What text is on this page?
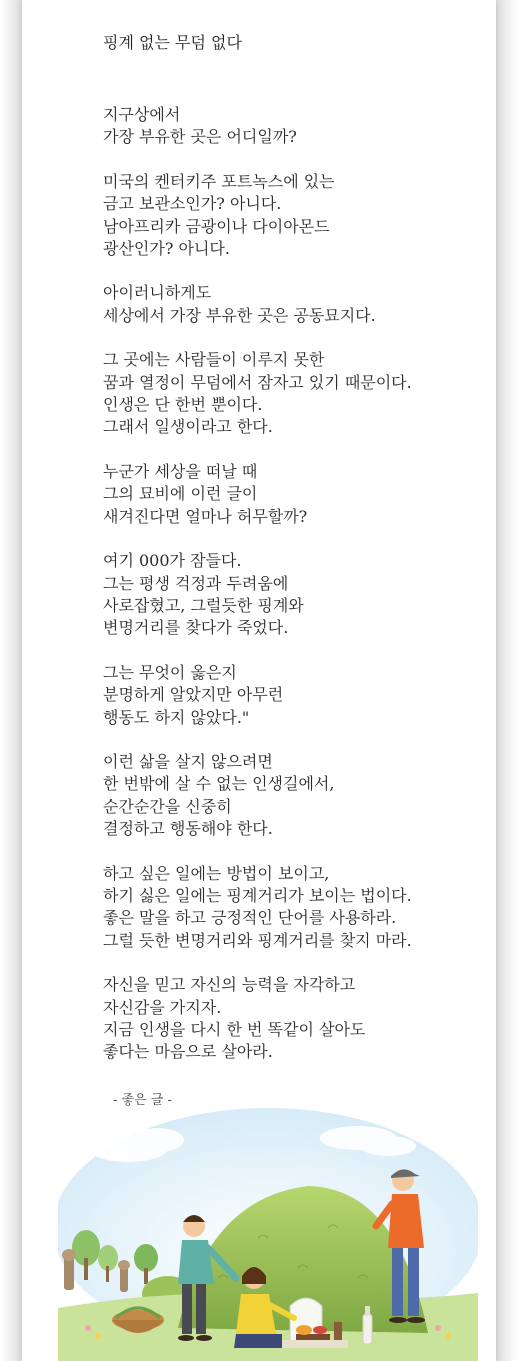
핑계 없는 무덤 없다
지구상에서
가장 부유한 곳은 어디일까?
미국의 켄터키주 포트녹스에 있는
금고 보관소인가? 아니다.
남아프리카 금광이나 다이아몬드
광산인가? 아니다.
아이러니하게도
세상에서 가장 부유한 곳은 공동묘지다.
그 곳에는 사람들이 이루지 못한
꿈과 열정이 무덤에서 잠자고 있기 때문이다.
인생은 단 한번 뿐이다.
그래서 일생이라고 한다.
누군가 세상을 떠날 때
그의 묘비에 이런 글이
새겨진다면 얼마나 허무할까?
여기 000가 잠들다.
그는 평생 걱정과 두려움에
사로잡혔고, 그럴듯한 핑계와
변명거리를 찾다가 죽었다.
그는 무엇이 옳은지
분명하게 알았지만 아무런
행동도 하지 않았다."
이런 삶을 살지 않으려면
한 번밖에 살 수 없는 인생길에서,
순간순간을 신중히
결정하고 행동해야 한다.
하고 싶은 일에는 방법이 보이고,
하기 싫은 일에는 핑계거리가 보이는 법이다.
좋은 말을 하고 긍정적인 단어를 사용하라.
그럴 듯한 변명거리와 핑계거리를 찾지 마라.
자신을 믿고 자신의 능력을 자각하고
자신감을 가지자.
지금 인생을 다시 한 번 똑같이 살아도
좋다는 마음으로 살아라.
- 좋은 글 -
